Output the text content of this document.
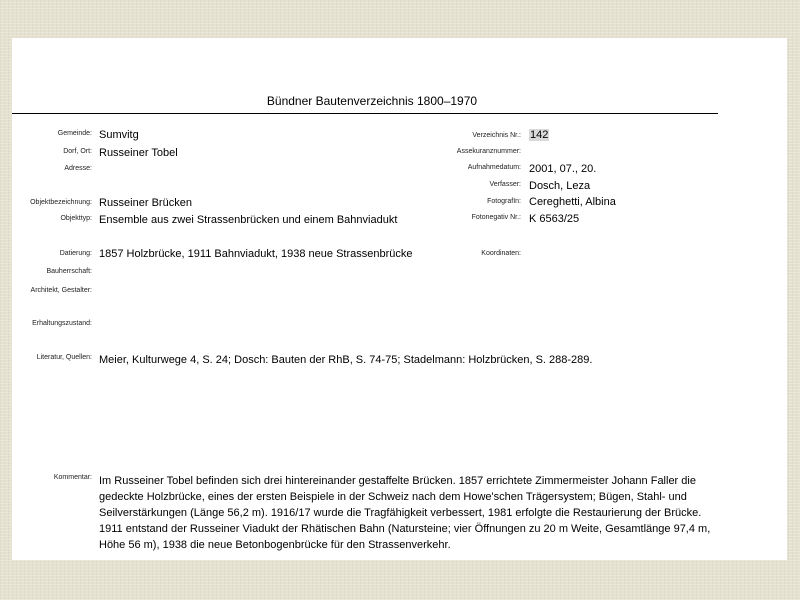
Bündner Bautenverzeichnis 1800–1970
Gemeinde: Sumvitg
Dorf, Ort: Russeiner Tobel
Adresse:
Objektbezeichnung: Russeiner Brücken
Objekttyp: Ensemble aus zwei Strassenbrücken und einem Bahnviadukt
Datierung: 1857 Holzbrücke, 1911 Bahnviadukt, 1938 neue Strassenbrücke
Bauherrschaft:
Architekt, Gestalter:
Erhaltungszustand:
Literatur, Quellen: Meier, Kulturwege 4, S. 24; Dosch: Bauten der RhB, S. 74-75; Stadelmann: Holzbrücken, S. 288-289.
Kommentar: Im Russeiner Tobel befinden sich drei hintereinander gestaffelte Brücken. 1857 errichtete Zimmermeister Johann Faller die gedeckte Holzbrücke, eines der ersten Beispiele in der Schweiz nach dem Howe'schen Trägersystem; Bügen, Stahl- und Seilverstärkungen (Länge 56,2 m). 1916/17 wurde die Tragfähigkeit verbessert, 1981 erfolgte die Restaurierung der Brücke. 1911 entstand der Russeiner Viadukt der Rhätischen Bahn (Natursteine; vier Öffnungen zu 20 m Weite, Gesamtlänge 97,4 m, Höhe 56 m), 1938 die neue Betonbogenbrücke für den Strassenverkehr.
Verzeichnis Nr.: 142
Assekuranznummer:
Aufnahmedatum: 2001, 07., 20.
Verfasser: Dosch, Leza
FotografIn: Cereghetti, Albina
Fotonegativ Nr.: K 6563/25
Koordinaten:
